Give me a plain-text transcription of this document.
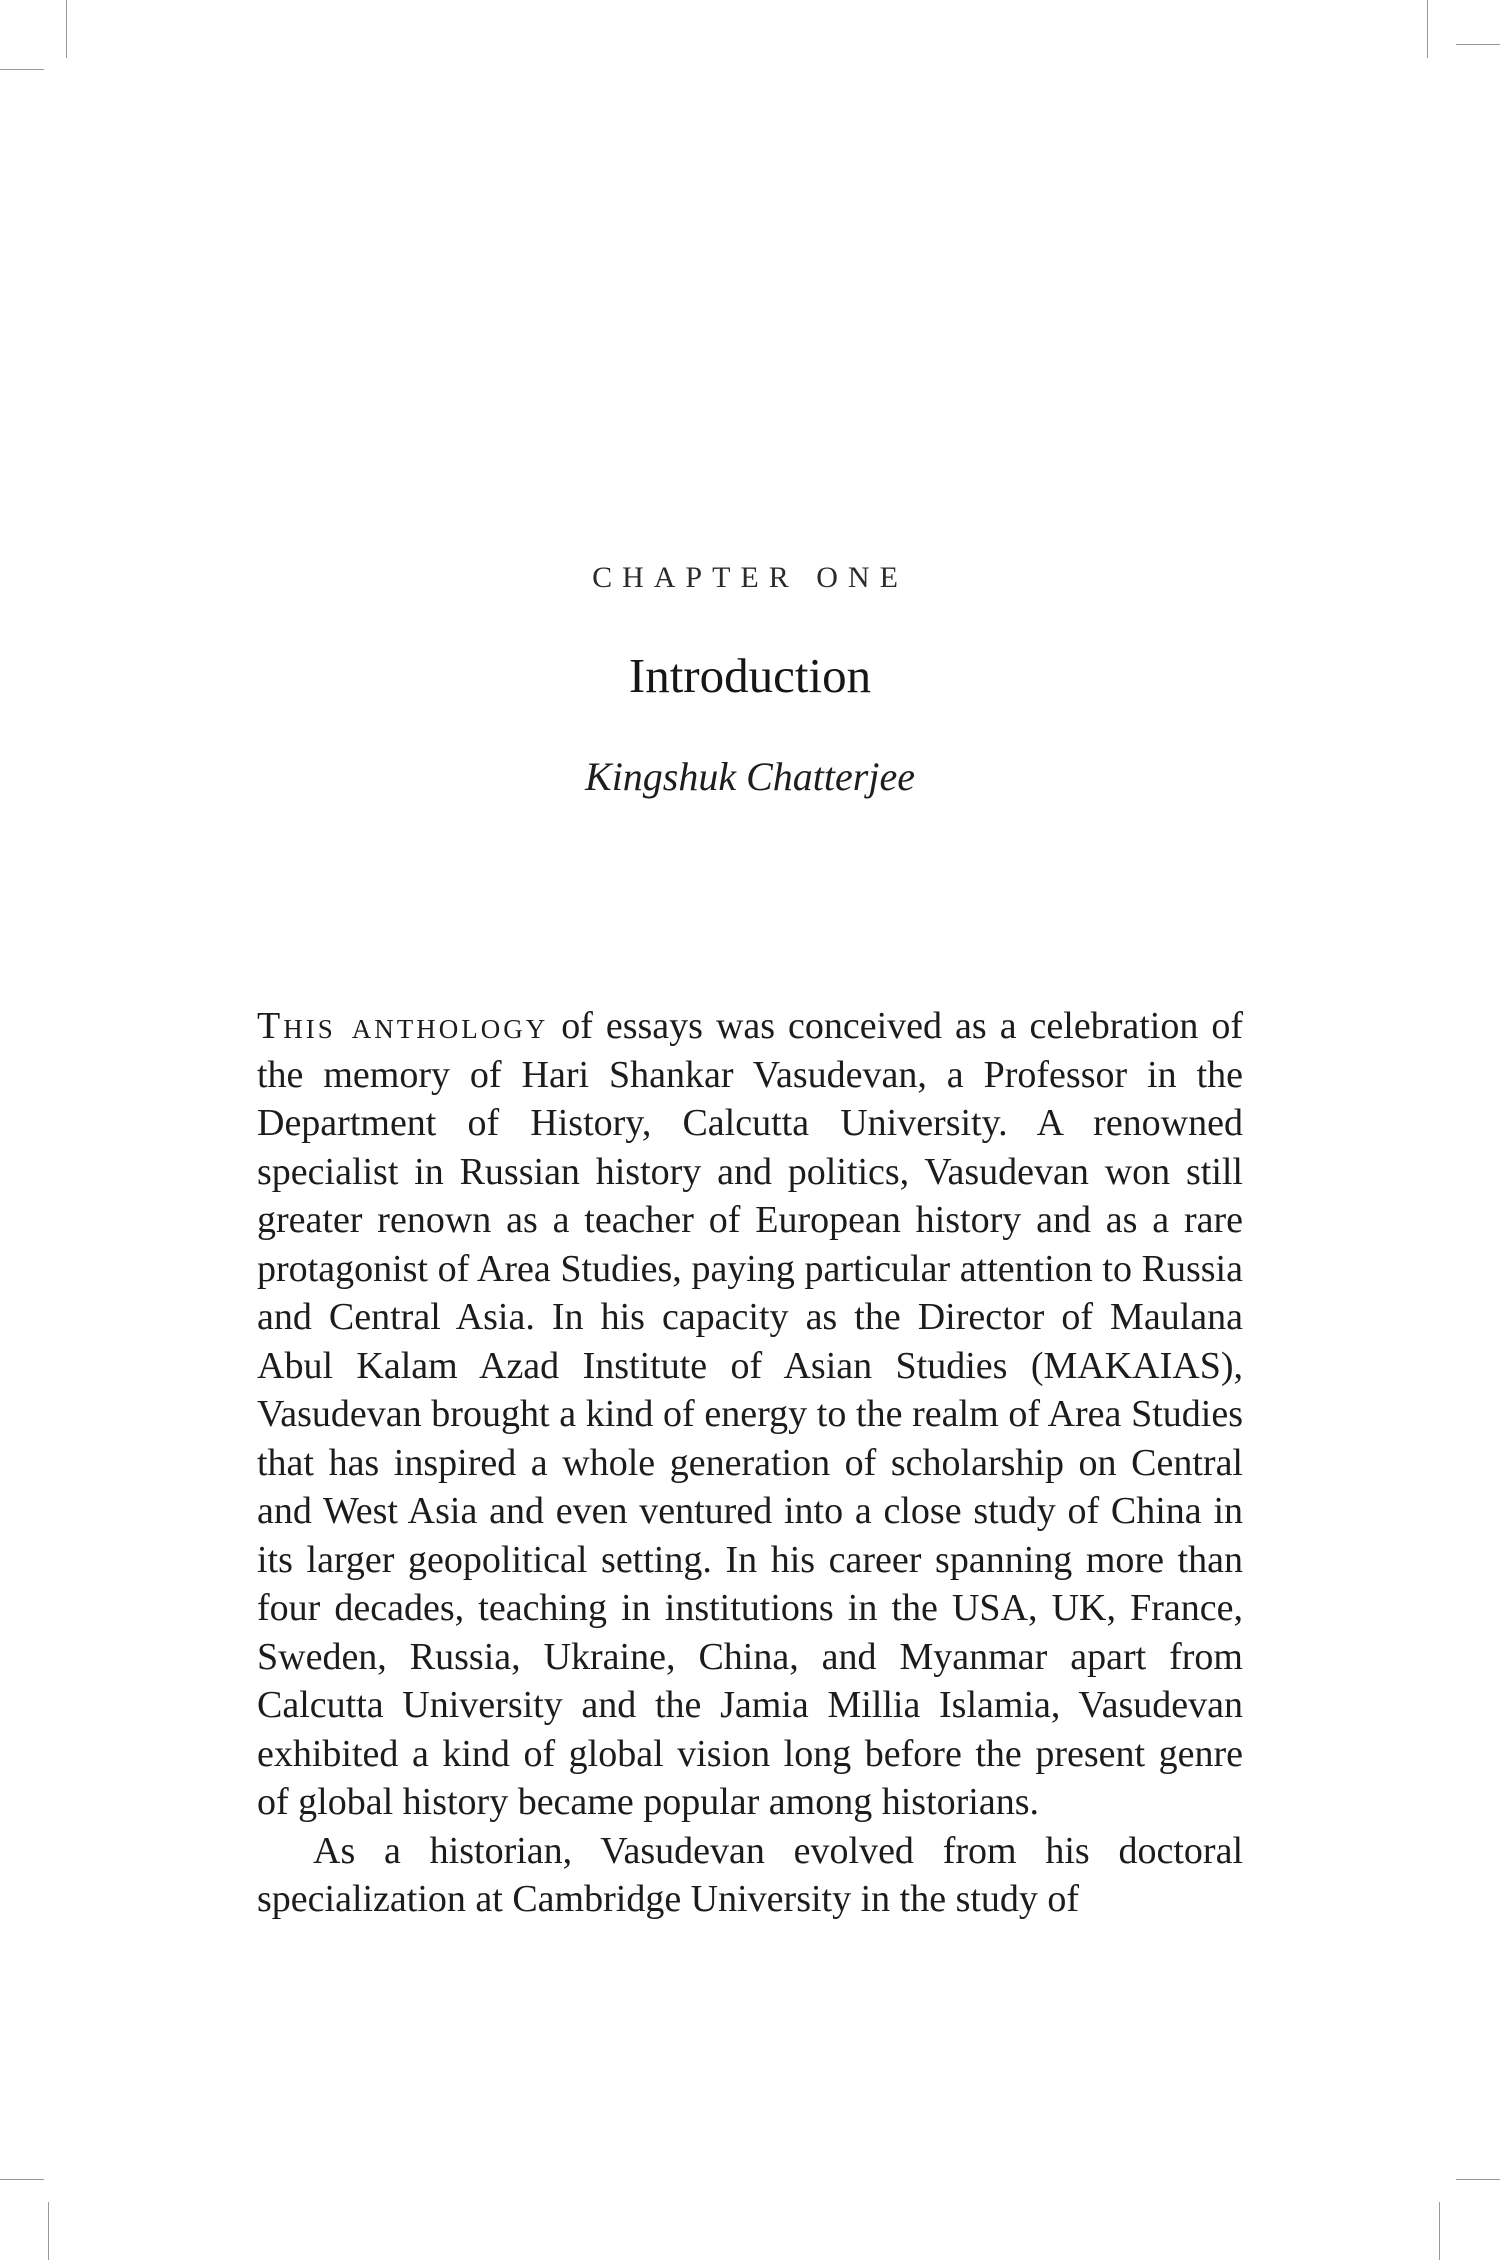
CHAPTER ONE
Introduction
Kingshuk Chatterjee

This anthology of essays was conceived as a celebration of the memory of Hari Shankar Vasudevan, a Professor in the Department of History, Calcutta University. A renowned specialist in Russian history and politics, Vasudevan won still greater renown as a teacher of European history and as a rare protagonist of Area Studies, paying particular attention to Russia and Central Asia. In his capacity as the Director of Maulana Abul Kalam Azad Institute of Asian Studies (MAKAIAS), Vasudevan brought a kind of energy to the realm of Area Studies that has inspired a whole generation of scholarship on Central and West Asia and even ventured into a close study of China in its larger geopolitical setting. In his career spanning more than four decades, teaching in institutions in the USA, UK, France, Sweden, Russia, Ukraine, China, and Myanmar apart from Calcutta University and the Jamia Millia Islamia, Vasudevan exhibited a kind of global vision long before the present genre of global history became popular among historians.

As a historian, Vasudevan evolved from his doctoral specialization at Cambridge University in the study of
